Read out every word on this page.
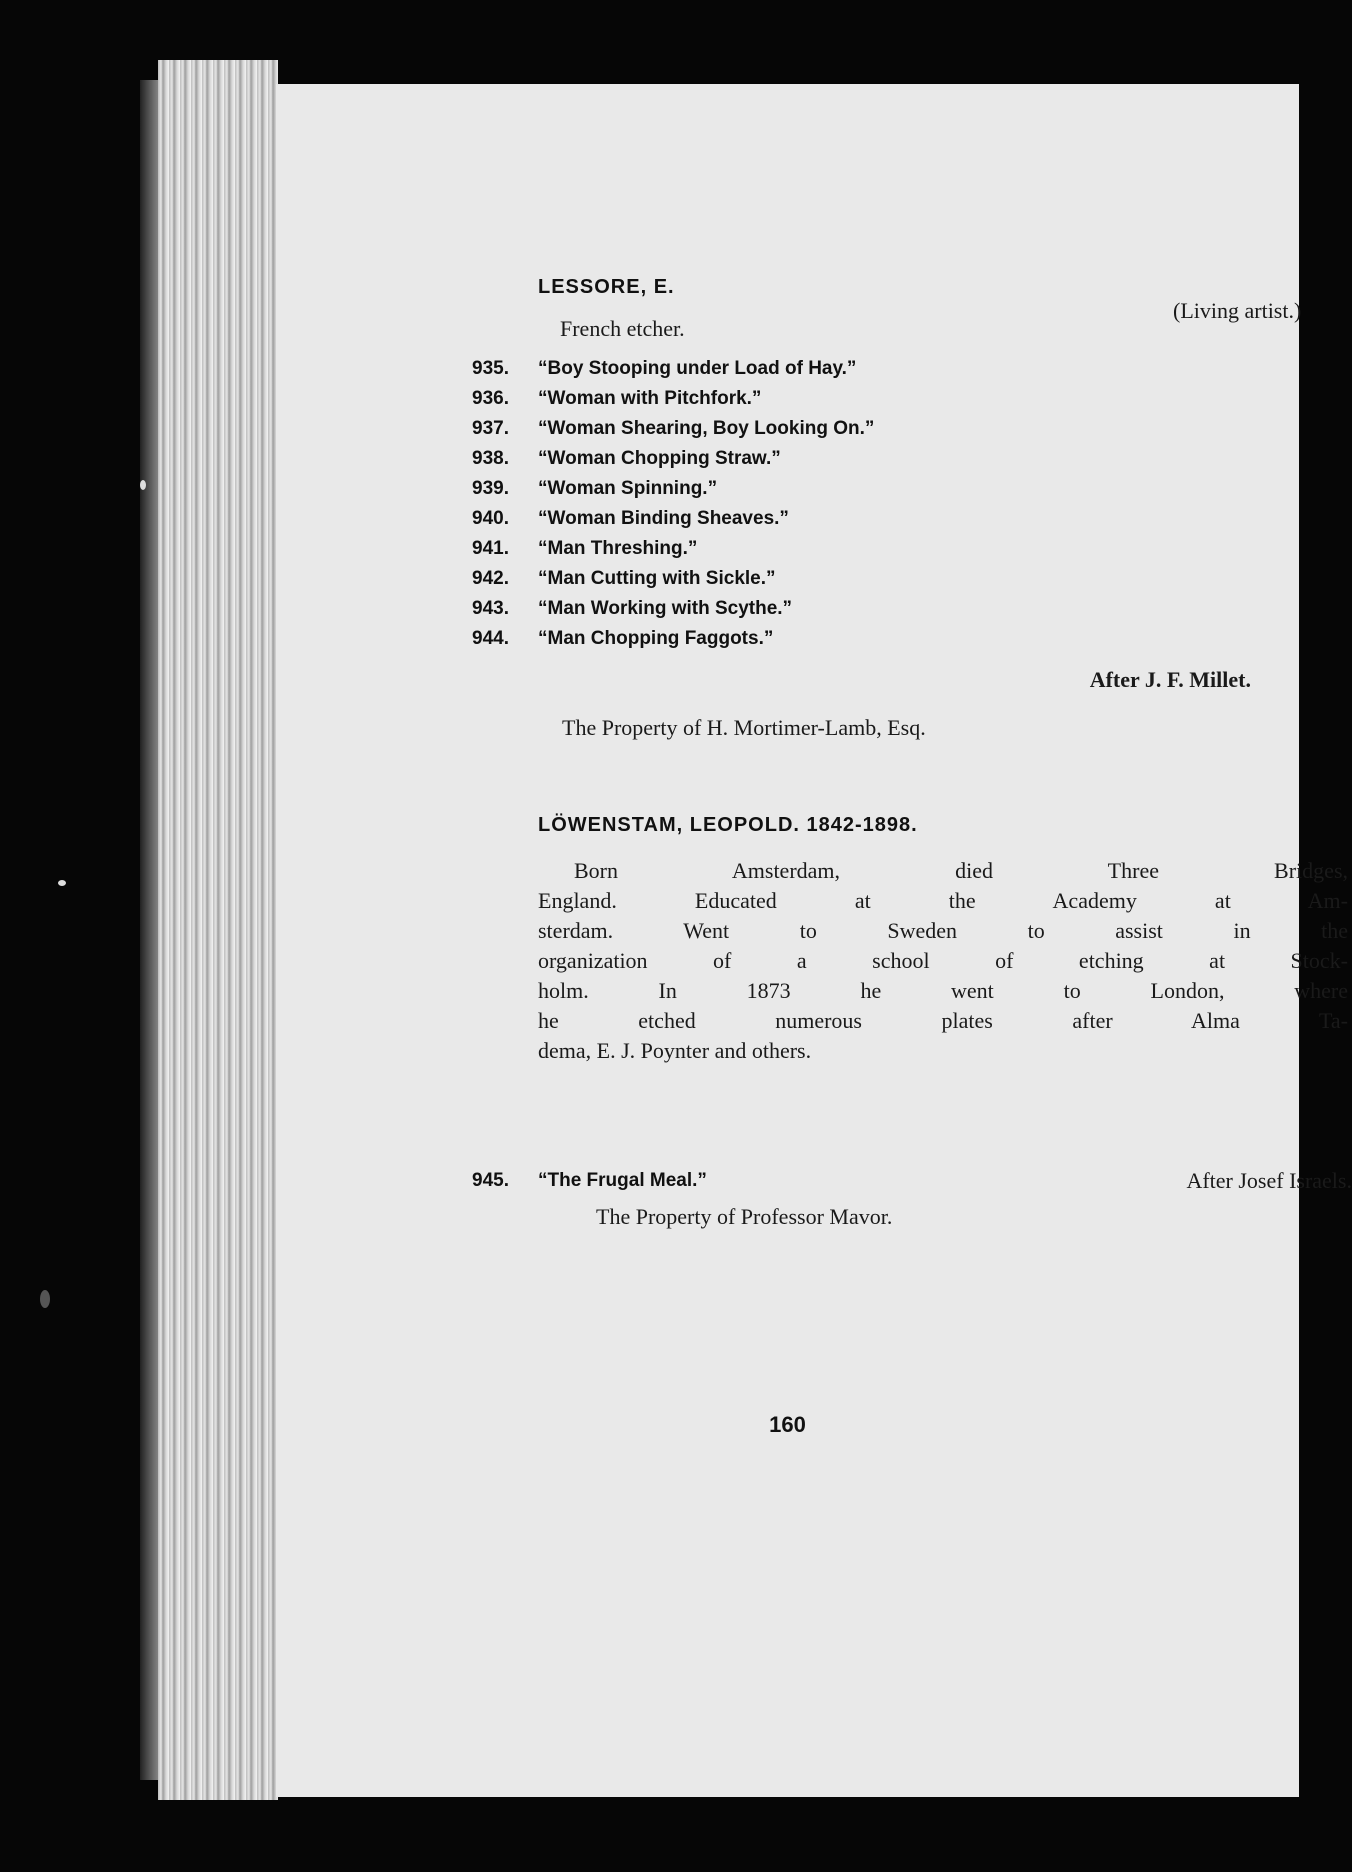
LESSORE, E.

(Living artist.)

French etcher.

935.	“Boy Stooping under Load of Hay.”
936.	“Woman with Pitchfork.”
937.	“Woman Shearing, Boy Looking On.”
938.	“Woman Chopping Straw.”
939.	“Woman Spinning.”
940.	“Woman Binding Sheaves.”
941.	“Man Threshing.”
942.	“Man Cutting with Sickle.”
943.	“Man Working with Scythe.”
944.	“Man Chopping Faggots.”

After J. F. Millet.

The Property of H. Mortimer-Lamb, Esq.

LÖWENSTAM, LEOPOLD. 1842-1898.
Born Amsterdam, died Three Bridges,
England. Educated at the Academy at Am-
sterdam. Went to Sweden to assist in the
organization of a school of etching at Stock-
holm. In 1873 he went to London, where
he etched numerous plates after Alma Ta-
dema, E. J. Poynter and others.
945.	“The Frugal Meal.”	After Josef Israels.

The Property of Professor Mavor.

160
